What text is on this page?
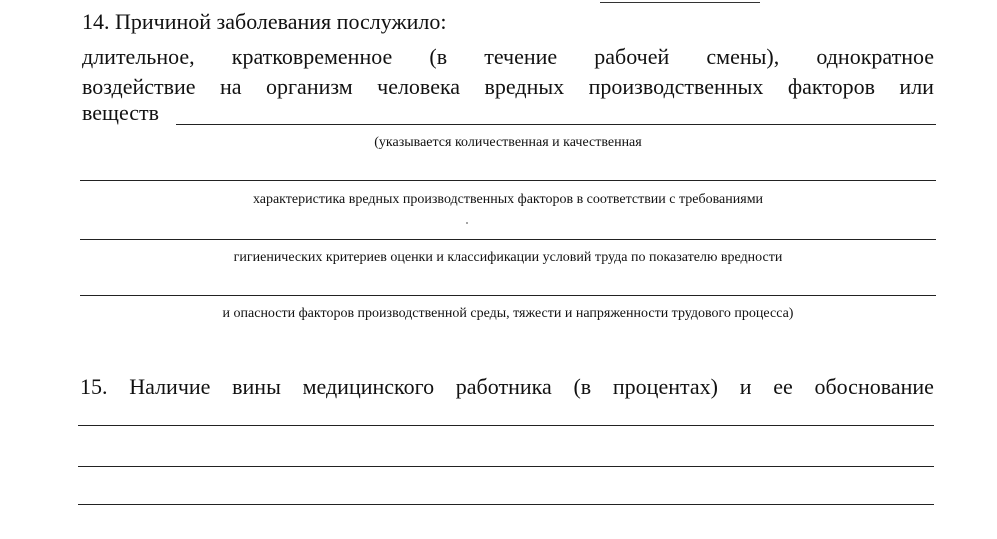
14. Причиной заболевания послужило:
длительное, кратковременное (в течение рабочей смены), однократное
воздействие на организм человека вредных производственных факторов или
веществ
(указывается количественная и качественная
характеристика вредных производственных факторов в соответствии с требованиями
гигиенических критериев оценки и классификации условий труда по показателю вредности
и опасности факторов производственной среды, тяжести и напряженности трудового процесса)
15. Наличие вины медицинского работника (в процентах) и ее обоснование
